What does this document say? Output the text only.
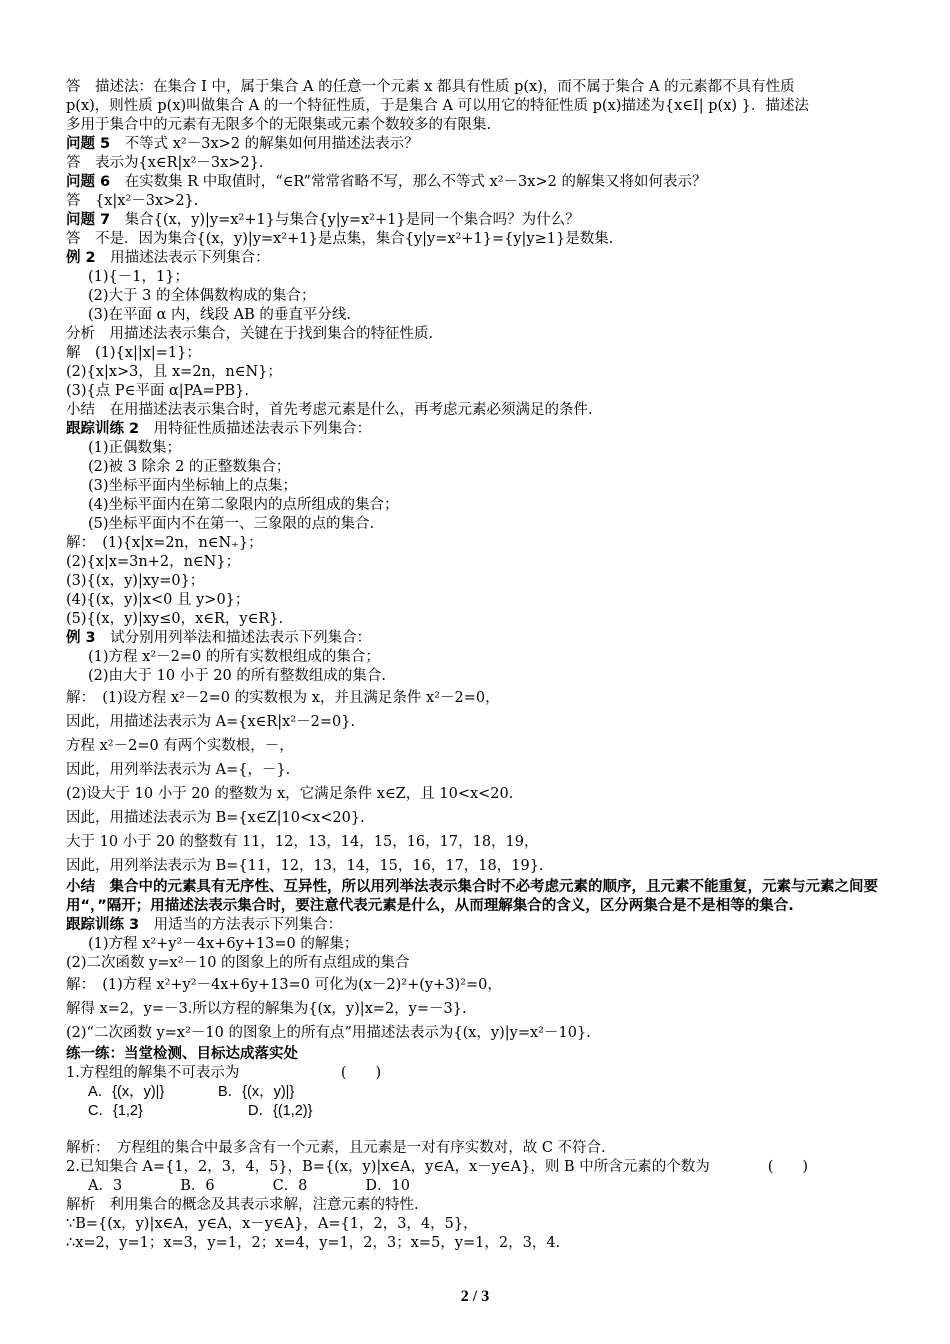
答　描述法：在集合 I 中，属于集合 A 的任意一个元素 x 都具有性质 p(x)，而不属于集合 A 的元素都不具有性质
p(x)，则性质 p(x)叫做集合 A 的一个特征性质，于是集合 A 可以用它的特征性质 p(x)描述为{x∈I| p(x) }．描述法
多用于集合中的元素有无限多个的无限集或元素个数较多的有限集.
问题 5　不等式 x²－3x>2 的解集如何用描述法表示？
答　表示为{x∈R|x²－3x>2}.
问题 6　在实数集 R 中取值时，“∈R”常常省略不写，那么不等式 x²－3x>2 的解集又将如何表示？
答　{x|x²－3x>2}.
问题 7　集合{(x，y)|y=x²+1}与集合{y|y=x²+1}是同一个集合吗？为什么？
答　不是．因为集合{(x，y)|y=x²+1}是点集，集合{y|y=x²+1}={y|y≥1}是数集.
例 2　用描述法表示下列集合：
(1){－1，1}；
(2)大于 3 的全体偶数构成的集合；
(3)在平面 α 内，线段 AB 的垂直平分线.
分析　用描述法表示集合，关键在于找到集合的特征性质.
解　(1){x||x|=1}；
(2){x|x>3，且 x=2n，n∈N}；
(3){点 P∈平面 α|PA=PB}.
小结　在用描述法表示集合时，首先考虑元素是什么，再考虑元素必须满足的条件.
跟踪训练 2　用特征性质描述法表示下列集合：
(1)正偶数集；
(2)被 3 除余 2 的正整数集合；
(3)坐标平面内坐标轴上的点集；
(4)坐标平面内在第二象限内的点所组成的集合；
(5)坐标平面内不在第一、三象限的点的集合.
解：　(1){x|x=2n，n∈N₊}；
(2){x|x=3n+2，n∈N}；
(3){(x，y)|xy=0}；
(4){(x，y)|x<0 且 y>0}；
(5){(x，y)|xy≤0，x∈R，y∈R}.
例 3　试分别用列举法和描述法表示下列集合：
(1)方程 x²－2=0 的所有实数根组成的集合；
(2)由大于 10 小于 20 的所有整数组成的集合.
解：　(1)设方程 x²－2=0 的实数根为 x，并且满足条件 x²－2=0，
因此，用描述法表示为 A={x∈R|x²－2=0}.
方程 x²－2=0 有两个实数根，－，
因此，用列举法表示为 A={，－}.
(2)设大于 10 小于 20 的整数为 x，它满足条件 x∈Z，且 10<x<20.
因此，用描述法表示为 B={x∈Z|10<x<20}.
大于 10 小于 20 的整数有 11，12，13，14，15，16，17，18，19，
因此，用列举法表示为 B={11，12，13，14，15，16，17，18，19}.
小结　集合中的元素具有无序性、互异性，所以用列举法表示集合时不必考虑元素的顺序，且元素不能重复，元素与元素之间要用“，”隔开；用描述法表示集合时，要注意代表元素是什么，从而理解集合的含义，区分两集合是不是相等的集合.
跟踪训练 3　用适当的方法表示下列集合：
(1)方程 x²+y²－4x+6y+13=0 的解集；
(2)二次函数 y=x²－10 的图象上的所有点组成的集合
解：　(1)方程 x²+y²－4x+6y+13=0 可化为(x－2)²+(y+3)²=0，
解得 x=2，y=－3.所以方程的解集为{(x，y)|x=2，y=－3}.
(2)“二次函数 y=x²－10 的图象上的所有点”用描述法表示为{(x，y)|y=x²－10}.
练一练：当堂检测、目标达成落实处
1.方程组的解集不可表示为　　　　　　　(　　)
A．{(x，y)|}	B．{(x，y)|}
C．{1,2}	D．{(1,2)}
解析：　方程组的集合中最多含有一个元素，且元素是一对有序实数对，故 C 不符合.
2.已知集合 A={1，2，3，4，5}，B={(x，y)|x∈A，y∈A，x－y∈A}，则 B 中所含元素的个数为　　　　(　　)
A．3　　　　B．6　　　　C．8　　　　D．10
解析　利用集合的概念及其表示求解，注意元素的特性.
∵B={(x，y)|x∈A，y∈A，x－y∈A}，A={1，2，3，4，5}，
∴x=2，y=1；x=3，y=1，2；x=4，y=1，2，3；x=5，y=1，2，3，4.
2 / 3
